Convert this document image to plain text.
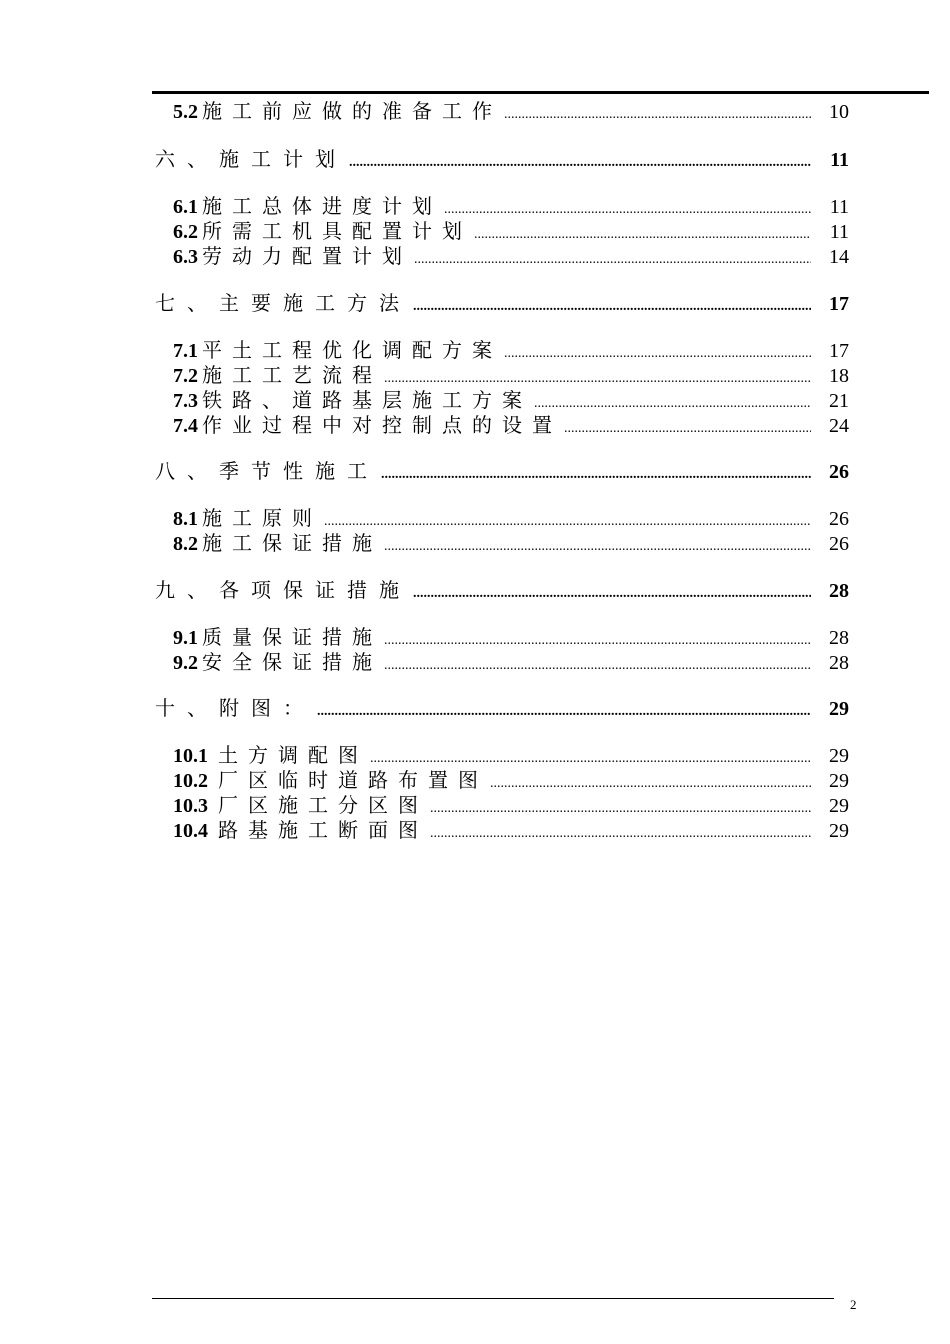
5.2 施工前应做的准备工作 .....	10
六、施工计划 .....	11
6.1 施工总体进度计划 .....	11
6.2 所需工机具配置计划 .....	11
6.3 劳动力配置计划 .....	14
七、主要施工方法 .....	17
7.1 平土工程优化调配方案 .....	17
7.2 施工工艺流程 .....	18
7.3 铁路、道路基层施工方案 .....	21
7.4 作业过程中对控制点的设置 .....	24
八、季节性施工 .....	26
8.1 施工原则 .....	26
8.2 施工保证措施 .....	26
九、各项保证措施 .....	28
9.1 质量保证措施 .....	28
9.2 安全保证措施 .....	28
十、附图： .....	29
10.1 土方调配图 .....	29
10.2 厂区临时道路布置图 .....	29
10.3 厂区施工分区图 .....	29
10.4 路基施工断面图 .....	29
2
